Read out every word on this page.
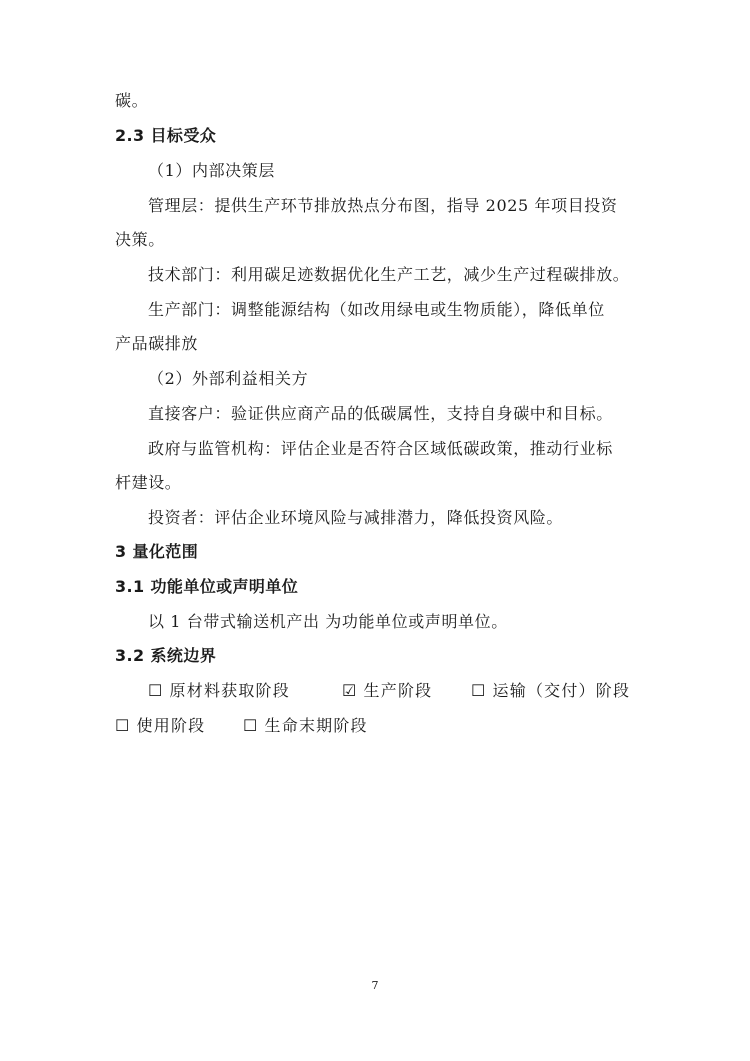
碳。
2.3 目标受众
（1）内部决策层
管理层：提供生产环节排放热点分布图，指导 2025 年项目投资
决策。
技术部门：利用碳足迹数据优化生产工艺，减少生产过程碳排放。
生产部门：调整能源结构（如改用绿电或生物质能），降低单位
产品碳排放
（2）外部利益相关方
直接客户：验证供应商产品的低碳属性，支持自身碳中和目标。
政府与监管机构：评估企业是否符合区域低碳政策，推动行业标
杆建设。
投资者：评估企业环境风险与减排潜力，降低投资风险。
3 量化范围
3.1 功能单位或声明单位
以 1 台带式输送机产出 为功能单位或声明单位。
3.2 系统边界
☐ 原材料获取阶段	☑ 生产阶段 ☐ 运输（交付）阶段
☐ 使用阶段 ☐ 生命末期阶段
7
